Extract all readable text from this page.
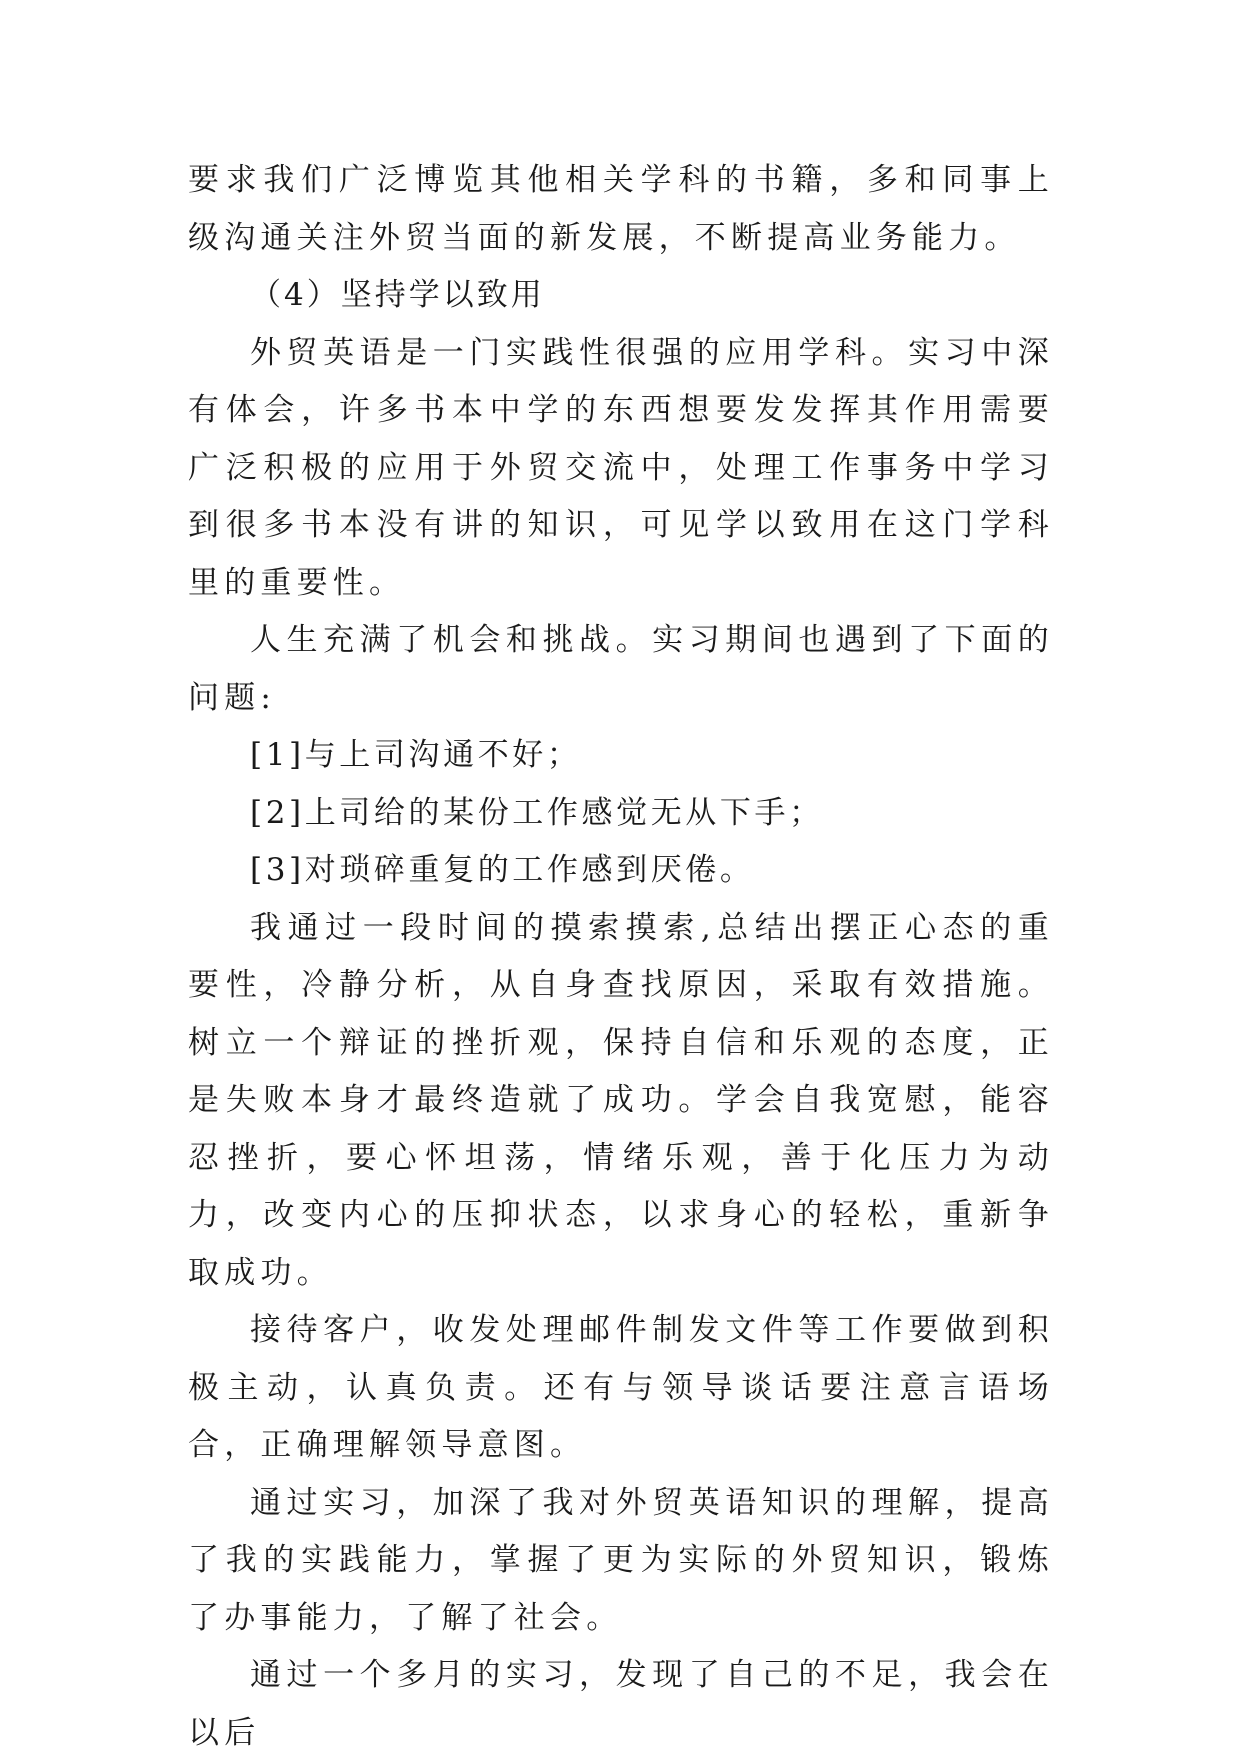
要求我们广泛博览其他相关学科的书籍，多和同事上级沟通关注外贸当面的新发展，不断提高业务能力。

（4）坚持学以致用

外贸英语是一门实践性很强的应用学科。实习中深有体会，许多书本中学的东西想要发发挥其作用需要广泛积极的应用于外贸交流中，处理工作事务中学习到很多书本没有讲的知识，可见学以致用在这门学科里的重要性。

人生充满了机会和挑战。实习期间也遇到了下面的问题:

[1]与上司沟通不好；

[2]上司给的某份工作感觉无从下手；

[3]对琐碎重复的工作感到厌倦。

我通过一段时间的摸索摸索,总结出摆正心态的重要性，冷静分析，从自身查找原因，采取有效措施。树立一个辩证的挫折观，保持自信和乐观的态度，正是失败本身才最终造就了成功。学会自我宽慰，能容忍挫折，要心怀坦荡，情绪乐观，善于化压力为动力，改变内心的压抑状态，以求身心的轻松，重新争取成功。

接待客户，收发处理邮件制发文件等工作要做到积极主动，认真负责。还有与领导谈话要注意言语场合，正确理解领导意图。

通过实习，加深了我对外贸英语知识的理解，提高了我的实践能力，掌握了更为实际的外贸知识，锻炼了办事能力，了解了社会。

通过一个多月的实习，发现了自己的不足，我会在以后
